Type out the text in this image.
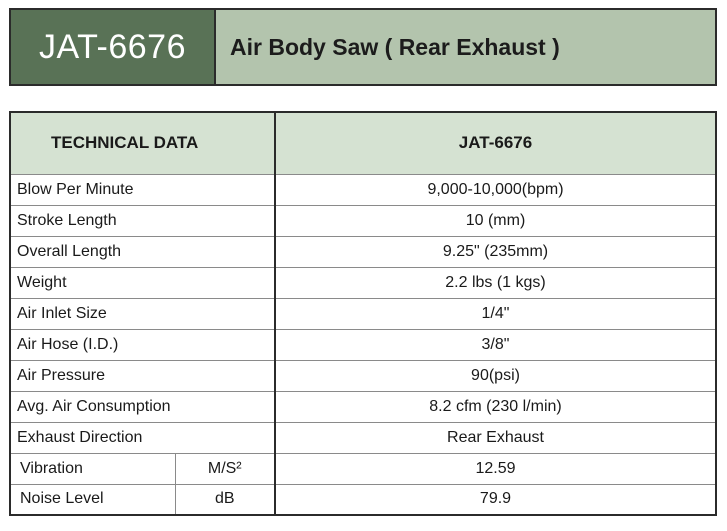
JAT-6676	Air Body Saw ( Rear Exhaust )
TECHNICAL DATA		JAT-6676
Blow Per Minute		9,000-10,000(bpm)
Stroke Length		10 (mm)
Overall Length		9.25" (235mm)
Weight		2.2 lbs (1 kgs)
Air Inlet Size		1/4"
Air Hose (I.D.)		3/8"
Air Pressure		90(psi)
Avg. Air Consumption		8.2 cfm (230 l/min)
Exhaust Direction		Rear Exhaust
Vibration	M/S²	12.59
Noise Level	dB	79.9
